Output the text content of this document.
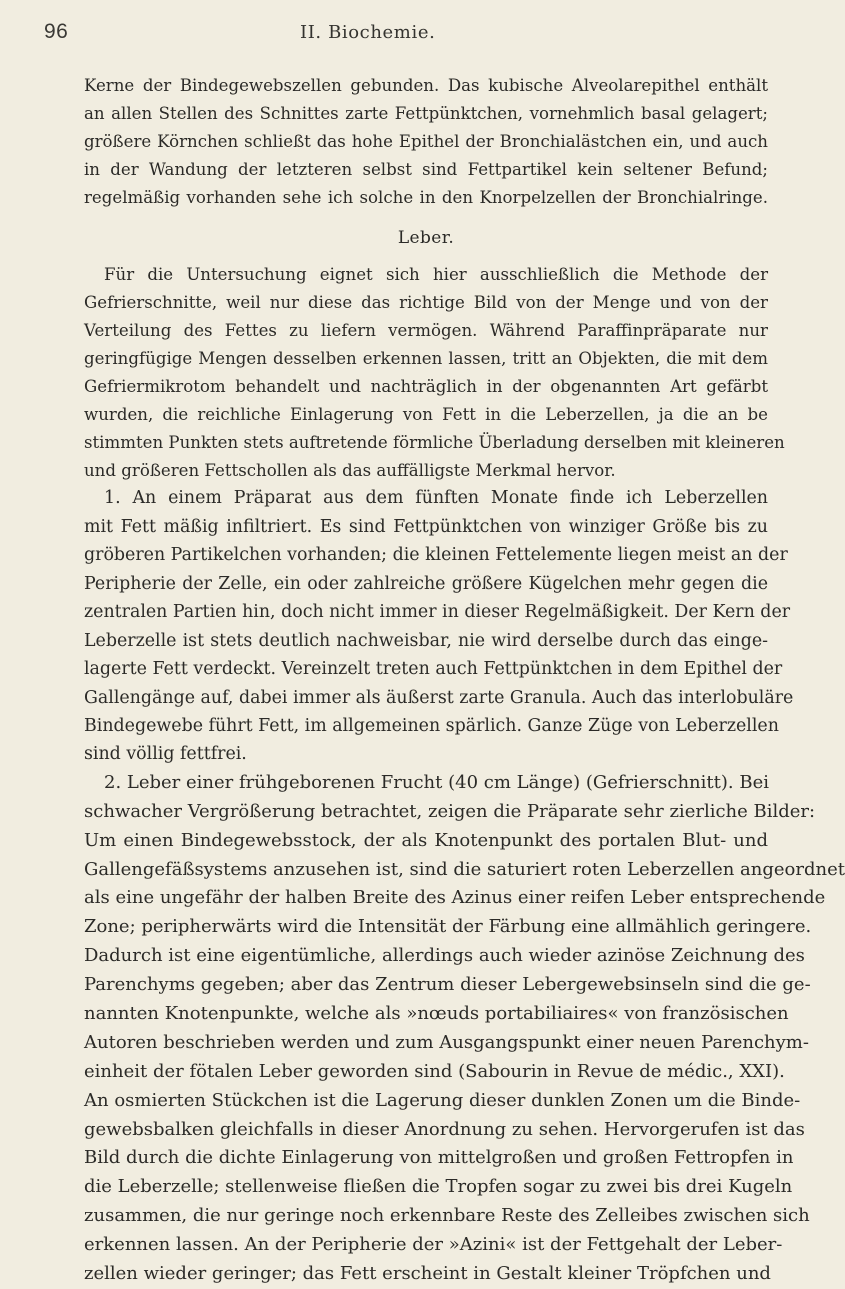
96	II. Biochemie.
Kerne der Bindegewebszellen gebunden. Das kubische Alveolarepithel enthält
an allen Stellen des Schnittes zarte Fettpünktchen, vornehmlich basal gelagert;
größere Körnchen schließt das hohe Epithel der Bronchialästchen ein, und auch
in der Wandung der letzteren selbst sind Fettpartikel kein seltener Befund;
regelmäßig vorhanden sehe ich solche in den Knorpelzellen der Bronchialringe.
Leber.
Für die Untersuchung eignet sich hier ausschließlich die Methode der
Gefrierschnitte, weil nur diese das richtige Bild von der Menge und von der
Verteilung des Fettes zu liefern vermögen. Während Paraffinpräparate nur
geringfügige Mengen desselben erkennen lassen, tritt an Objekten, die mit dem
Gefriermikrotom behandelt und nachträglich in der obgenannten Art gefärbt
wurden, die reichliche Einlagerung von Fett in die Leberzellen, ja die an be
stimmten Punkten stets auftretende förmliche Überladung derselben mit kleineren
und größeren Fettschollen als das auffälligste Merkmal hervor.
1. An einem Präparat aus dem fünften Monate finde ich Leberzellen
mit Fett mäßig infiltriert. Es sind Fettpünktchen von winziger Größe bis zu
gröberen Partikelchen vorhanden; die kleinen Fettelemente liegen meist an der
Peripherie der Zelle, ein oder zahlreiche größere Kügelchen mehr gegen die
zentralen Partien hin, doch nicht immer in dieser Regelmäßigkeit. Der Kern der
Leberzelle ist stets deutlich nachweisbar, nie wird derselbe durch das einge-
lagerte Fett verdeckt. Vereinzelt treten auch Fettpünktchen in dem Epithel der
Gallengänge auf, dabei immer als äußerst zarte Granula. Auch das interlobuläre
Bindegewebe führt Fett, im allgemeinen spärlich. Ganze Züge von Leberzellen
sind völlig fettfrei.
2. Leber einer frühgeborenen Frucht (40 cm Länge) (Gefrierschnitt). Bei
schwacher Vergrößerung betrachtet, zeigen die Präparate sehr zierliche Bilder:
Um einen Bindegewebsstock, der als Knotenpunkt des portalen Blut- und
Gallengefäßsystems anzusehen ist, sind die saturiert roten Leberzellen angeordnet
als eine ungefähr der halben Breite des Azinus einer reifen Leber entsprechende
Zone; peripherwärts wird die Intensität der Färbung eine allmählich geringere.
Dadurch ist eine eigentümliche, allerdings auch wieder azinöse Zeichnung des
Parenchyms gegeben; aber das Zentrum dieser Lebergewebsinseln sind die ge-
nannten Knotenpunkte, welche als »nœuds portabiliaires« von französischen
Autoren beschrieben werden und zum Ausgangspunkt einer neuen Parenchym-
einheit der fötalen Leber geworden sind (Sabourin in Revue de médic., XXI).
An osmierten Stückchen ist die Lagerung dieser dunklen Zonen um die Binde-
gewebsbalken gleichfalls in dieser Anordnung zu sehen. Hervorgerufen ist das
Bild durch die dichte Einlagerung von mittelgroßen und großen Fettropfen in
die Leberzelle; stellenweise fließen die Tropfen sogar zu zwei bis drei Kugeln
zusammen, die nur geringe noch erkennbare Reste des Zelleibes zwischen sich
erkennen lassen. An der Peripherie der »Azini« ist der Fettgehalt der Leber-
zellen wieder geringer; das Fett erscheint in Gestalt kleiner Tröpfchen und
